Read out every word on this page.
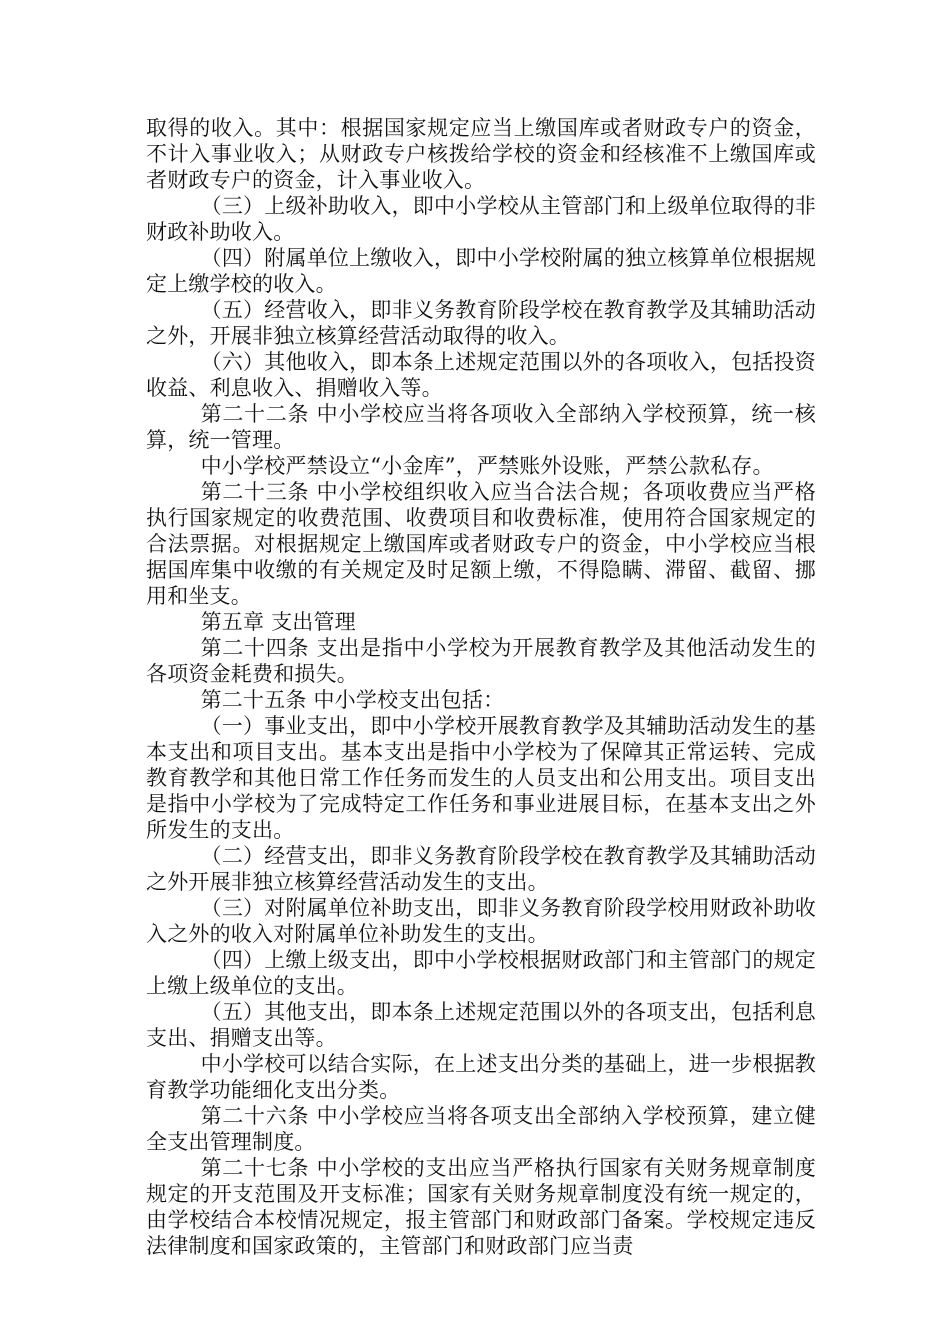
取得的收入。其中：根据国家规定应当上缴国库或者财政专户的资金，不计入事业收入；从财政专户核拨给学校的资金和经核准不上缴国库或者财政专户的资金，计入事业收入。

（三）上级补助收入，即中小学校从主管部门和上级单位取得的非财政补助收入。

（四）附属单位上缴收入，即中小学校附属的独立核算单位根据规定上缴学校的收入。

（五）经营收入，即非义务教育阶段学校在教育教学及其辅助活动之外，开展非独立核算经营活动取得的收入。

（六）其他收入，即本条上述规定范围以外的各项收入，包括投资收益、利息收入、捐赠收入等。

第二十二条 中小学校应当将各项收入全部纳入学校预算，统一核算，统一管理。

中小学校严禁设立“小金库”，严禁账外设账，严禁公款私存。

第二十三条 中小学校组织收入应当合法合规；各项收费应当严格执行国家规定的收费范围、收费项目和收费标准，使用符合国家规定的合法票据。对根据规定上缴国库或者财政专户的资金，中小学校应当根据国库集中收缴的有关规定及时足额上缴，不得隐瞒、滞留、截留、挪用和坐支。

第五章 支出管理

第二十四条 支出是指中小学校为开展教育教学及其他活动发生的各项资金耗费和损失。

第二十五条 中小学校支出包括：

（一）事业支出，即中小学校开展教育教学及其辅助活动发生的基本支出和项目支出。基本支出是指中小学校为了保障其正常运转、完成教育教学和其他日常工作任务而发生的人员支出和公用支出。项目支出是指中小学校为了完成特定工作任务和事业进展目标，在基本支出之外所发生的支出。

（二）经营支出，即非义务教育阶段学校在教育教学及其辅助活动之外开展非独立核算经营活动发生的支出。

（三）对附属单位补助支出，即非义务教育阶段学校用财政补助收入之外的收入对附属单位补助发生的支出。

（四）上缴上级支出，即中小学校根据财政部门和主管部门的规定上缴上级单位的支出。

（五）其他支出，即本条上述规定范围以外的各项支出，包括利息支出、捐赠支出等。

中小学校可以结合实际，在上述支出分类的基础上，进一步根据教育教学功能细化支出分类。

第二十六条 中小学校应当将各项支出全部纳入学校预算，建立健全支出管理制度。

第二十七条 中小学校的支出应当严格执行国家有关财务规章制度规定的开支范围及开支标准；国家有关财务规章制度没有统一规定的，由学校结合本校情况规定，报主管部门和财政部门备案。学校规定违反法律制度和国家政策的，主管部门和财政部门应当责
